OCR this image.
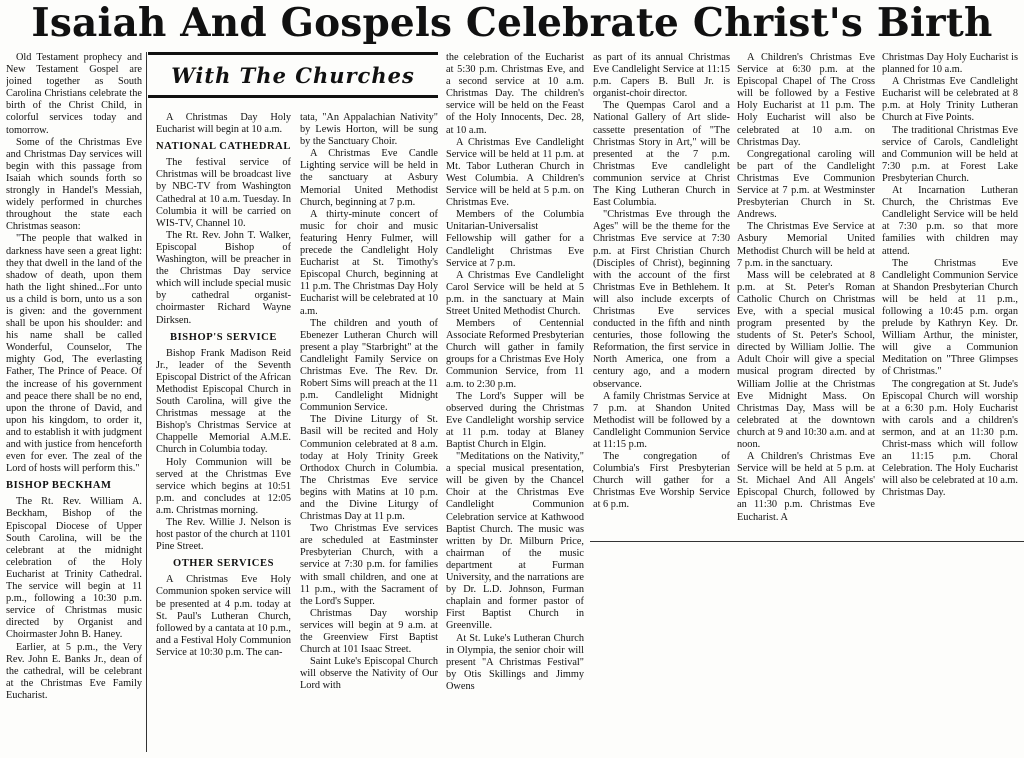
Isaiah And Gospels Celebrate Christ's Birth

Old Testament prophecy and New Testament Gospel are joined together as South Carolina Christians celebrate the birth of the Christ Child, in colorful services today and tomorrow.

Some of the Christmas Eve and Christmas Day services will begin with this passage from Isaiah which sounds forth so strongly in Handel's Messiah, widely performed in churches throughout the state each Christmas season:

"The people that walked in darkness have seen a great light: they that dwell in the land of the shadow of death, upon them hath the light shined...For unto us a child is born, unto us a son is given: and the government shall be upon his shoulder: and his name shall be called Wonderful, Counselor, The mighty God, The everlasting Father, The Prince of Peace. Of the increase of his government and peace there shall be no end, upon the throne of David, and upon his kingdom, to order it, and to establish it with judgment and with justice from henceforth even for ever. The zeal of the Lord of hosts will perform this."

BISHOP BECKHAM

The Rt. Rev. William A. Beckham, Bishop of the Episcopal Diocese of Upper South Carolina, will be the celebrant at the midnight celebration of the Holy Eucharist at Trinity Cathedral. The service will begin at 11 p.m., following a 10:30 p.m. service of Christmas music directed by Organist and Choirmaster John B. Haney.

Earlier, at 5 p.m., the Very Rev. John E. Banks Jr., dean of the cathedral, will be celebrant at the Christmas Eve Family Eucharist.

With The Churches

A Christmas Day Holy Eucharist will begin at 10 a.m.

NATIONAL CATHEDRAL

The festival service of Christmas will be broadcast live by NBC-TV from Washington Cathedral at 10 a.m. Tuesday. In Columbia it will be carried on WIS-TV, Channel 10.

The Rt. Rev. John T. Walker, Episcopal Bishop of Washington, will be preacher in the Christmas Day service which will include special music by cathedral organist-choirmaster Richard Wayne Dirksen.

BISHOP'S SERVICE

Bishop Frank Madison Reid Jr., leader of the Seventh Episcopal District of the African Methodist Episcopal Church in South Carolina, will give the Christmas message at the Bishop's Christmas Service at Chappelle Memorial A.M.E. Church in Columbia today.

Holy Communion will be served at the Christmas Eve service which begins at 10:51 p.m. and concludes at 12:05 a.m. Christmas morning.

The Rev. Willie J. Nelson is host pastor of the church at 1101 Pine Street.

OTHER SERVICES

A Christmas Eve Holy Communion spoken service will be presented at 4 p.m. today at St. Paul's Lutheran Church, followed by a cantata at 10 p.m., and a Festival Holy Communion Service at 10:30 p.m. The can-

tata, "An Appalachian Nativity" by Lewis Horton, will be sung by the Sanctuary Choir.

A Christmas Eve Candle Lighting service will be held in the sanctuary at Asbury Memorial United Methodist Church, beginning at 7 p.m.

A thirty-minute concert of music for choir and music featuring Henry Fulmer, will precede the Candlelight Holy Eucharist at St. Timothy's Episcopal Church, beginning at 11 p.m. The Christmas Day Holy Eucharist will be celebrated at 10 a.m.

The children and youth of Ebenezer Lutheran Church will present a play "Starbright" at the Candlelight Family Service on Christmas Eve. The Rev. Dr. Robert Sims will preach at the 11 p.m. Candlelight Midnight Communion Service.

The Divine Liturgy of St. Basil will be recited and Holy Communion celebrated at 8 a.m. today at Holy Trinity Greek Orthodox Church in Columbia. The Christmas Eve service begins with Matins at 10 p.m. and the Divine Liturgy of Christmas Day at 11 p.m.

Two Christmas Eve services are scheduled at Eastminster Presbyterian Church, with a service at 7:30 p.m. for families with small children, and one at 11 p.m., with the Sacrament of the Lord's Supper.

Christmas Day worship services will begin at 9 a.m. at the Greenview First Baptist Church at 101 Isaac Street.

Saint Luke's Episcopal Church will observe the Nativity of Our Lord with

the celebration of the Eucharist at 5:30 p.m. Christmas Eve, and a second service at 10 a.m. Christmas Day. The children's service will be held on the Feast of the Holy Innocents, Dec. 28, at 10 a.m.

A Christmas Eve Candlelight Service will be held at 11 p.m. at Mt. Tabor Lutheran Church in West Columbia. A Children's Service will be held at 5 p.m. on Christmas Eve.

Members of the Columbia Unitarian-Universalist Fellowship will gather for a Candlelight Christmas Eve Service at 7 p.m.

A Christmas Eve Candlelight Carol Service will be held at 5 p.m. in the sanctuary at Main Street United Methodist Church.

Members of Centennial Associate Reformed Presbyterian Church will gather in family groups for a Christmas Eve Holy Communion Service, from 11 a.m. to 2:30 p.m.

The Lord's Supper will be observed during the Christmas Eve Candlelight worship service at 11 p.m. today at Blaney Baptist Church in Elgin.

"Meditations on the Nativity," a special musical presentation, will be given by the Chancel Choir at the Christmas Eve Candlelight Communion Celebration service at Kathwood Baptist Church. The music was written by Dr. Milburn Price, chairman of the music department at Furman University, and the narrations are by Dr. L.D. Johnson, Furman chaplain and former pastor of First Baptist Church in Greenville.

At St. Luke's Lutheran Church in Olympia, the senior choir will present "A Christmas Festival" by Otis Skillings and Jimmy Owens

as part of its annual Christmas Eve Candlelight Service at 11:15 p.m. Capers B. Bull Jr. is organist-choir director.

The Quempas Carol and a National Gallery of Art slide-cassette presentation of "The Christmas Story in Art," will be presented at the 7 p.m. Christmas Eve candlelight communion service at Christ The King Lutheran Church in East Columbia.

"Christmas Eve through the Ages" will be the theme for the Christmas Eve service at 7:30 p.m. at First Christian Church (Disciples of Christ), beginning with the account of the first Christmas Eve in Bethlehem. It will also include excerpts of Christmas Eve services conducted in the fifth and ninth centuries, those following the Reformation, the first service in North America, one from a century ago, and a modern observance.

A family Christmas Service at 7 p.m. at Shandon United Methodist will be followed by a Candlelight Communion Service at 11:15 p.m.

The congregation of Columbia's First Presbyterian Church will gather for a Christmas Eve Worship Service at 6 p.m.

A Children's Christmas Eve Service at 6:30 p.m. at the Episcopal Chapel of The Cross will be followed by a Festive Holy Eucharist at 11 p.m. The Holy Eucharist will also be celebrated at 10 a.m. on Christmas Day.

Congregational caroling will be part of the Candlelight Christmas Eve Communion Service at 7 p.m. at Westminster Presbyterian Church in St. Andrews.

The Christmas Eve Service at Asbury Memorial United Methodist Church will be held at 7 p.m. in the sanctuary.

Mass will be celebrated at 8 p.m. at St. Peter's Roman Catholic Church on Christmas Eve, with a special musical program presented by the students of St. Peter's School, directed by William Jollie. The Adult Choir will give a special musical program directed by William Jollie at the Christmas Eve Midnight Mass. On Christmas Day, Mass will be celebrated at the downtown church at 9 and 10:30 a.m. and at noon.

A Children's Christmas Eve Service will be held at 5 p.m. at St. Michael And All Angels' Episcopal Church, followed by an 11:30 p.m. Christmas Eve Eucharist. A

Christmas Day Holy Eucharist is planned for 10 a.m.

A Christmas Eve Candlelight Eucharist will be celebrated at 8 p.m. at Holy Trinity Lutheran Church at Five Points.

The traditional Christmas Eve service of Carols, Candlelight and Communion will be held at 7:30 p.m. at Forest Lake Presbyterian Church.

At Incarnation Lutheran Church, the Christmas Eve Candlelight Service will be held at 7:30 p.m. so that more families with children may attend.

The Christmas Eve Candlelight Communion Service at Shandon Presbyterian Church will be held at 11 p.m., following a 10:45 p.m. organ prelude by Kathryn Key. Dr. William Arthur, the minister, will give a Communion Meditation on "Three Glimpses of Christmas."

The congregation at St. Jude's Episcopal Church will worship at a 6:30 p.m. Holy Eucharist with carols and a children's sermon, and at an 11:30 p.m. Christ-mass which will follow an 11:15 p.m. Choral Celebration. The Holy Eucharist will also be celebrated at 10 a.m. Christmas Day.
